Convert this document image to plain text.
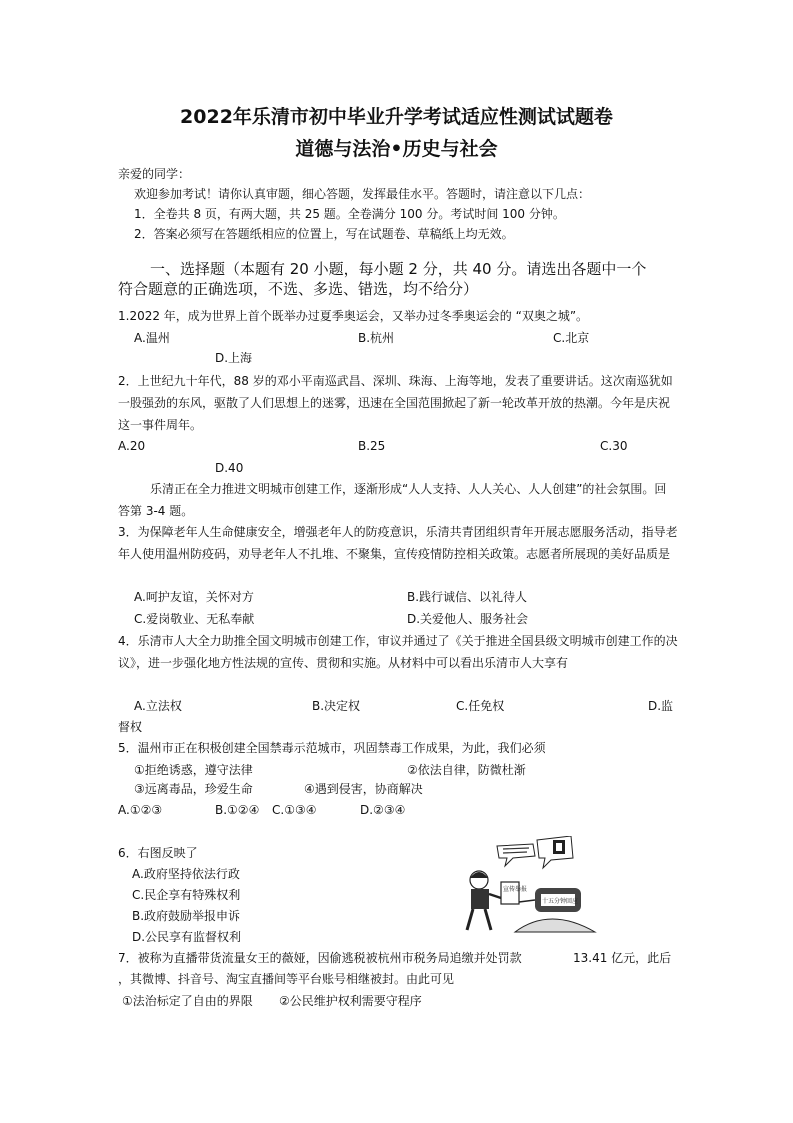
2022年乐清市初中毕业升学考试适应性测试试题卷
道德与法治•历史与社会
亲爱的同学：
欢迎参加考试！请你认真审题，细心答题，发挥最佳水平。答题时，请注意以下几点：
1．全卷共 8 页，有两大题，共 25 题。全卷满分 100 分。考试时间 100 分钟。
2．答案必须写在答题纸相应的位置上，写在试题卷、草稿纸上均无效。
一、选择题（本题有 20 小题，每小题 2 分，共 40 分。请选出各题中一个
符合题意的正确选项，不选、多选、错选，均不给分）
1.2022 年，成为世界上首个既举办过夏季奥运会，又举办过冬季奥运会的 “双奥之城”。
A.温州	B.杭州	C.北京
D.上海
2．上世纪九十年代，88 岁的邓小平南巡武昌、深圳、珠海、上海等地，发表了重要讲话。这次南巡犹如一股强劲的东风，驱散了人们思想上的迷雾，迅速在全国范围掀起了新一轮改革开放的热潮。今年是庆祝这一事件周年。
A.20	B.25	C.30
D.40
乐清正在全力推进文明城市创建工作，逐渐形成“人人支持、人人关心、人人创建”的社会氛围。回答第 3-4 题。
3．为保障老年人生命健康安全，增强老年人的防疫意识，乐清共青团组织青年开展志愿服务活动，指导老年人使用温州防疫码，劝导老年人不扎堆、不聚集，宣传疫情防控相关政策。志愿者所展现的美好品质是
A.呵护友谊，关怀对方	B.践行诚信、以礼待人
C.爱岗敬业、无私奉献	D.关爱他人、服务社会
4．乐清市人大全力助推全国文明城市创建工作，审议并通过了《关于推进全国县级文明城市创建工作的决议》，进一步强化地方性法规的宣传、贯彻和实施。从材料中可以看出乐清市人大享有
A.立法权	B.决定权	C.任免权	D.监
督权
5．温州市正在积极创建全国禁毒示范城市，巩固禁毒工作成果，为此，我们必须
①拒绝诱惑，遵守法律	②依法自律，防微杜渐
③远离毒品，珍爱生命	④遇到侵害，协商解决
A.①②③	B.①②④ C.①③④	D.②③④
6．右图反映了
A.政府坚持依法行政
C.民企享有特殊权利
B.政府鼓励举报申诉
D.公民享有监督权利
宣传举报
十五分钟回应
7．被称为直播带货流量女王的薇娅，因偷逃税被杭州市税务局追缴并处罚款	13.41 亿元，此后
，其微博、抖音号、淘宝直播间等平台账号相继被封。由此可见
①法治标定了自由的界限 ②公民维护权利需要守程序
